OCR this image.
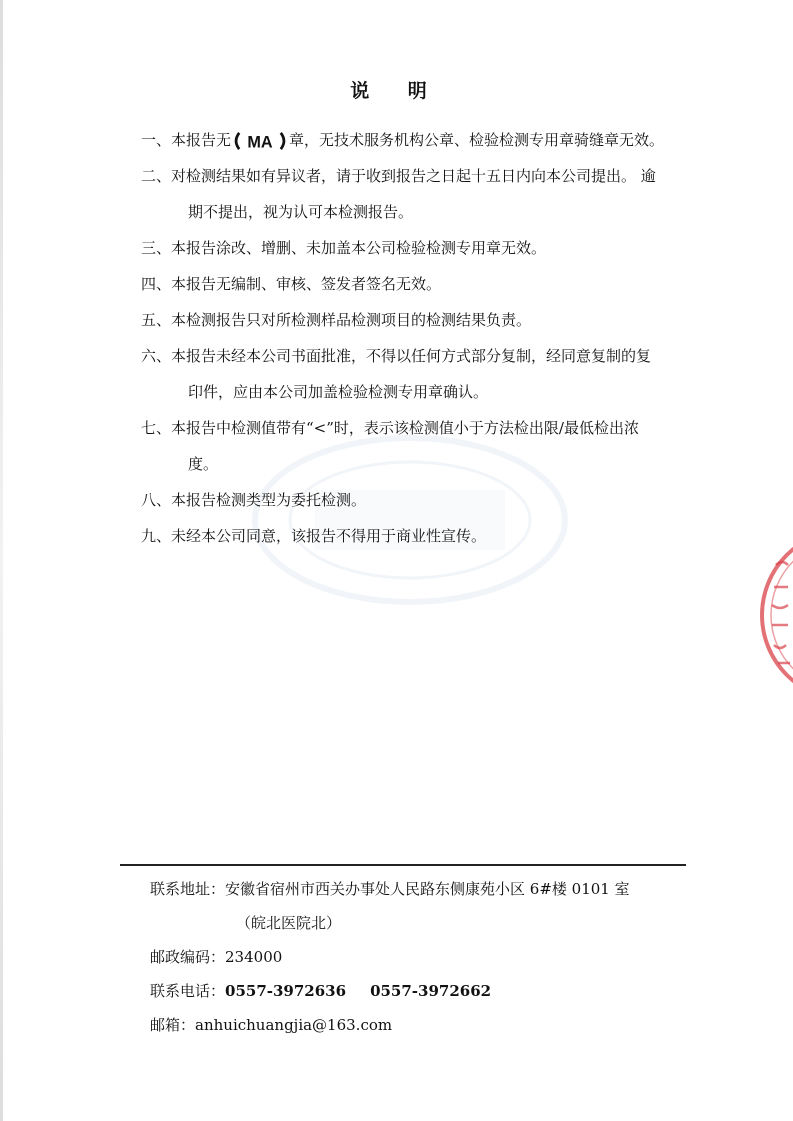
说 明
一、 本报告无 MA 章，无技术服务机构公章、检验检测专用章骑缝章无效。
二、 对检测结果如有异议者，请于收到报告之日起十五日内向本公司提出。 逾
期不提出，视为认可本检测报告。
三、 本报告涂改、增删、未加盖本公司检验检测专用章无效。
四、 本报告无编制、审核、签发者签名无效。
五、 本检测报告只对所检测样品检测项目的检测结果负责。
六、 本报告未经本公司书面批准，不得以任何方式部分复制，经同意复制的复
印件，应由本公司加盖检验检测专用章确认。
七、 本报告中检测值带有“<”时，表示该检测值小于方法检出限/最低检出浓
度。
八、 本报告检测类型为委托检测。
九、 未经本公司同意，该报告不得用于商业性宣传。
联系地址：安徽省宿州市西关办事处人民路东侧康苑小区 6#楼 0101 室
（皖北医院北）
邮政编码：234000
联系电话：0557-3972636 0557-3972662
邮箱：anhuichuangjia@163.com
